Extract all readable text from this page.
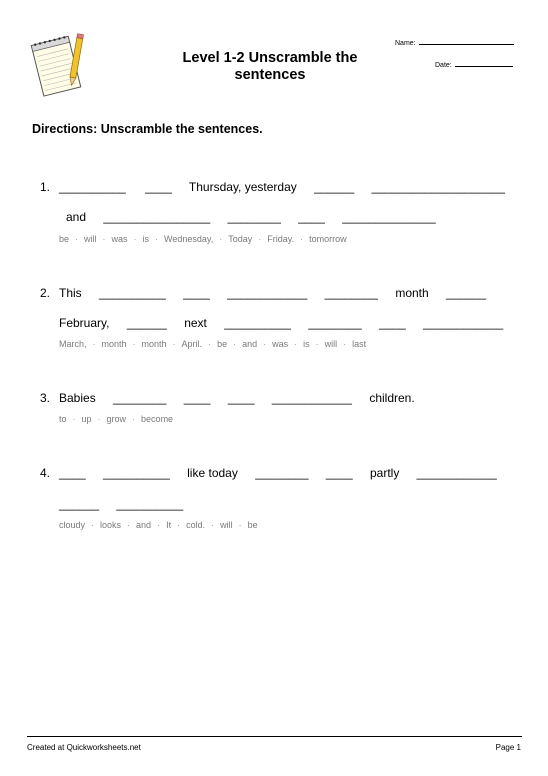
Level 1-2 Unscramble the
sentences
Name:
Date:
Directions: Unscramble the sentences.
1. __________ ____ Thursday, yesterday ______ ____________________
and ________________ ________ ____ ______________
be · will · was · is · Wednesday, · Today · Friday. · tomorrow
2. This __________ ____ ____________ ________ month ______
February, ______ next __________ ________ ____ ____________
March, · month · month · April. · be · and · was · is · will · last
3. Babies ________ ____ ____ ____________ children.
to · up · grow · become
4. ____ __________ like today ________ ____ partly ____________
______ __________
cloudy · looks · and · It · cold. · will · be
Created at Quickworksheets.net	Page 1
